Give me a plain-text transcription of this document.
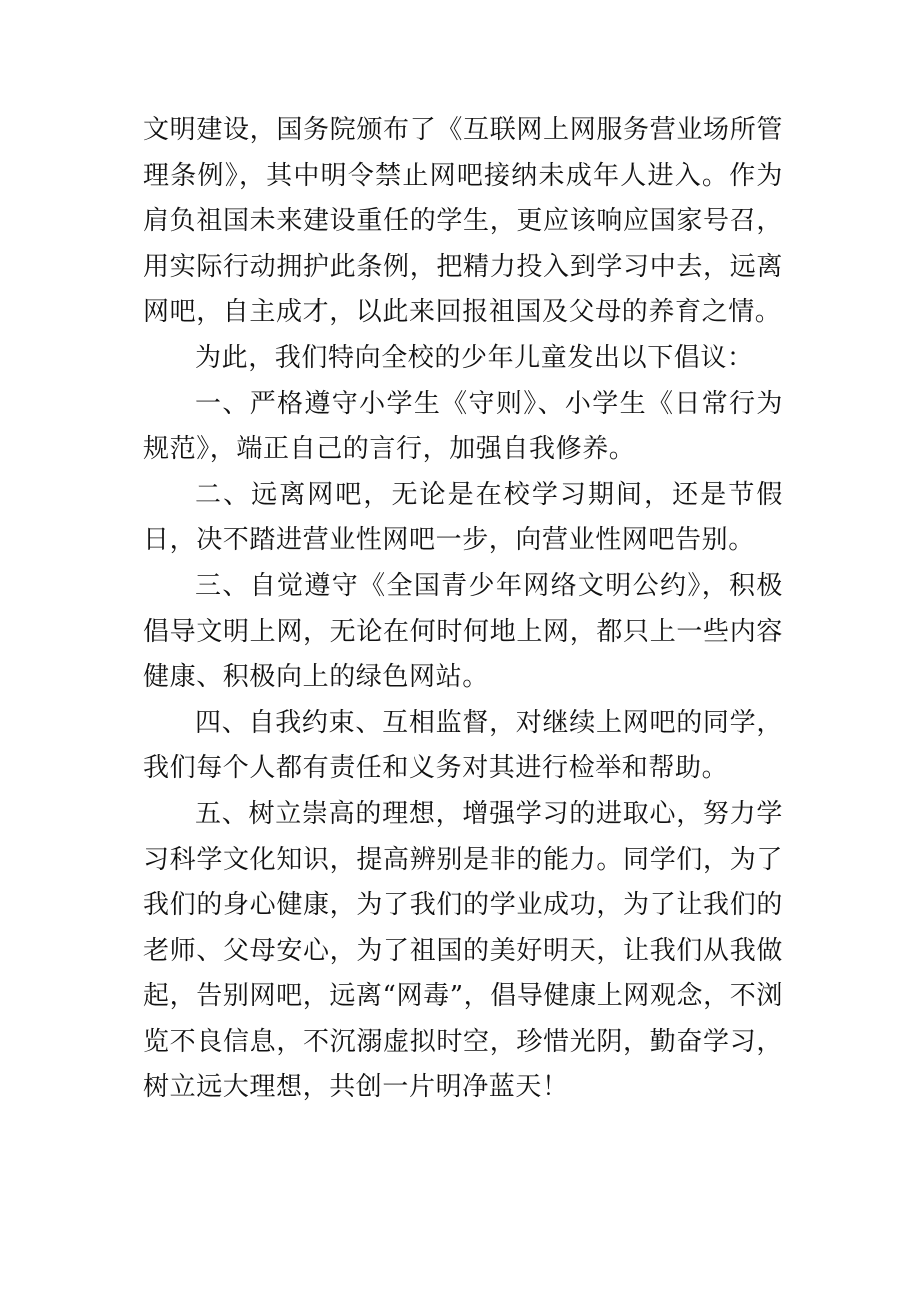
文明建设，国务院颁布了《互联网上网服务营业场所管理条例》，其中明令禁止网吧接纳未成年人进入。作为肩负祖国未来建设重任的学生，更应该响应国家号召，用实际行动拥护此条例，把精力投入到学习中去，远离网吧，自主成才，以此来回报祖国及父母的养育之情。

为此，我们特向全校的少年儿童发出以下倡议：

一、严格遵守小学生《守则》、小学生《日常行为规范》，端正自己的言行，加强自我修养。

二、远离网吧，无论是在校学习期间，还是节假日，决不踏进营业性网吧一步，向营业性网吧告别。

三、自觉遵守《全国青少年网络文明公约》，积极倡导文明上网，无论在何时何地上网，都只上一些内容健康、积极向上的绿色网站。

四、自我约束、互相监督，对继续上网吧的同学，我们每个人都有责任和义务对其进行检举和帮助。

五、树立崇高的理想，增强学习的进取心，努力学习科学文化知识，提高辨别是非的能力。同学们，为了我们的身心健康，为了我们的学业成功，为了让我们的老师、父母安心，为了祖国的美好明天，让我们从我做起，告别网吧，远离“网毒”，倡导健康上网观念，不浏览不良信息，不沉溺虚拟时空，珍惜光阴，勤奋学习，树立远大理想，共创一片明净蓝天！
